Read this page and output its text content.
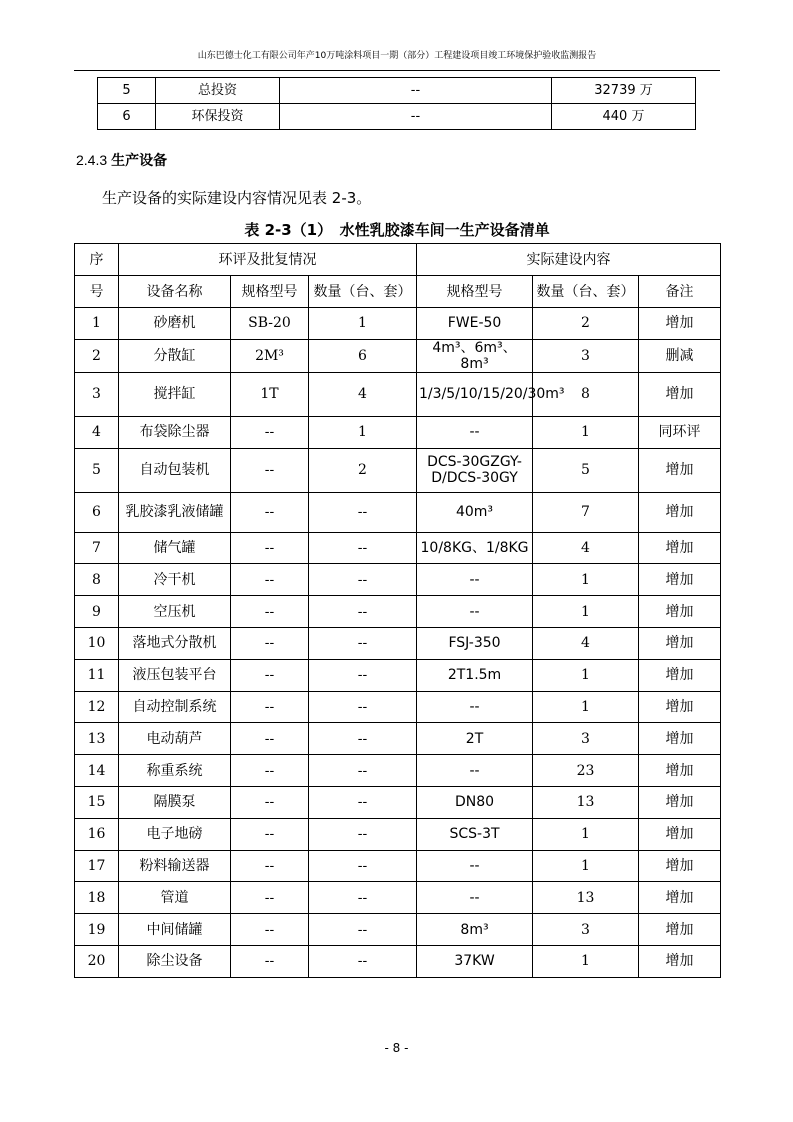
山东巴德士化工有限公司年产10万吨涂料项目一期（部分）工程建设项目竣工环境保护验收监测报告
5	总投资	--	32739 万
6	环保投资	--	440 万
2.4.3 生产设备
生产设备的实际建设内容情况见表 2-3。
表 2-3（1）　水性乳胶漆车间一生产设备清单
序	环评及批复情况			实际建设内容		
号	设备名称	规格型号	数量（台、套）	规格型号	数量（台、套）	备注
1	砂磨机	SB-20	1	FWE-50	2	增加
2	分散缸	2M³	6	4m³、6m³、8m³	3	删减
3	搅拌缸	1T	4	1/3/5/10/15/20/30m³	8	增加
4	布袋除尘器	--	1	--	1	同环评
5	自动包装机	--	2	DCS-30GZGY-D/DCS-30GY	5	增加
6	乳胶漆乳液储罐	--	--	40m³	7	增加
7	储气罐	--	--	10/8KG、1/8KG	4	增加
8	冷干机	--	--	--	1	增加
9	空压机	--	--	--	1	增加
10	落地式分散机	--	--	FSJ-350	4	增加
11	液压包装平台	--	--	2T1.5m	1	增加
12	自动控制系统	--	--	--	1	增加
13	电动葫芦	--	--	2T	3	增加
14	称重系统	--	--	--	23	增加
15	隔膜泵	--	--	DN80	13	增加
16	电子地磅	--	--	SCS-3T	1	增加
17	粉料输送器	--	--	--	1	增加
18	管道	--	--	--	13	增加
19	中间储罐	--	--	8m³	3	增加
20	除尘设备	--	--	37KW	1	增加
- 8 -
